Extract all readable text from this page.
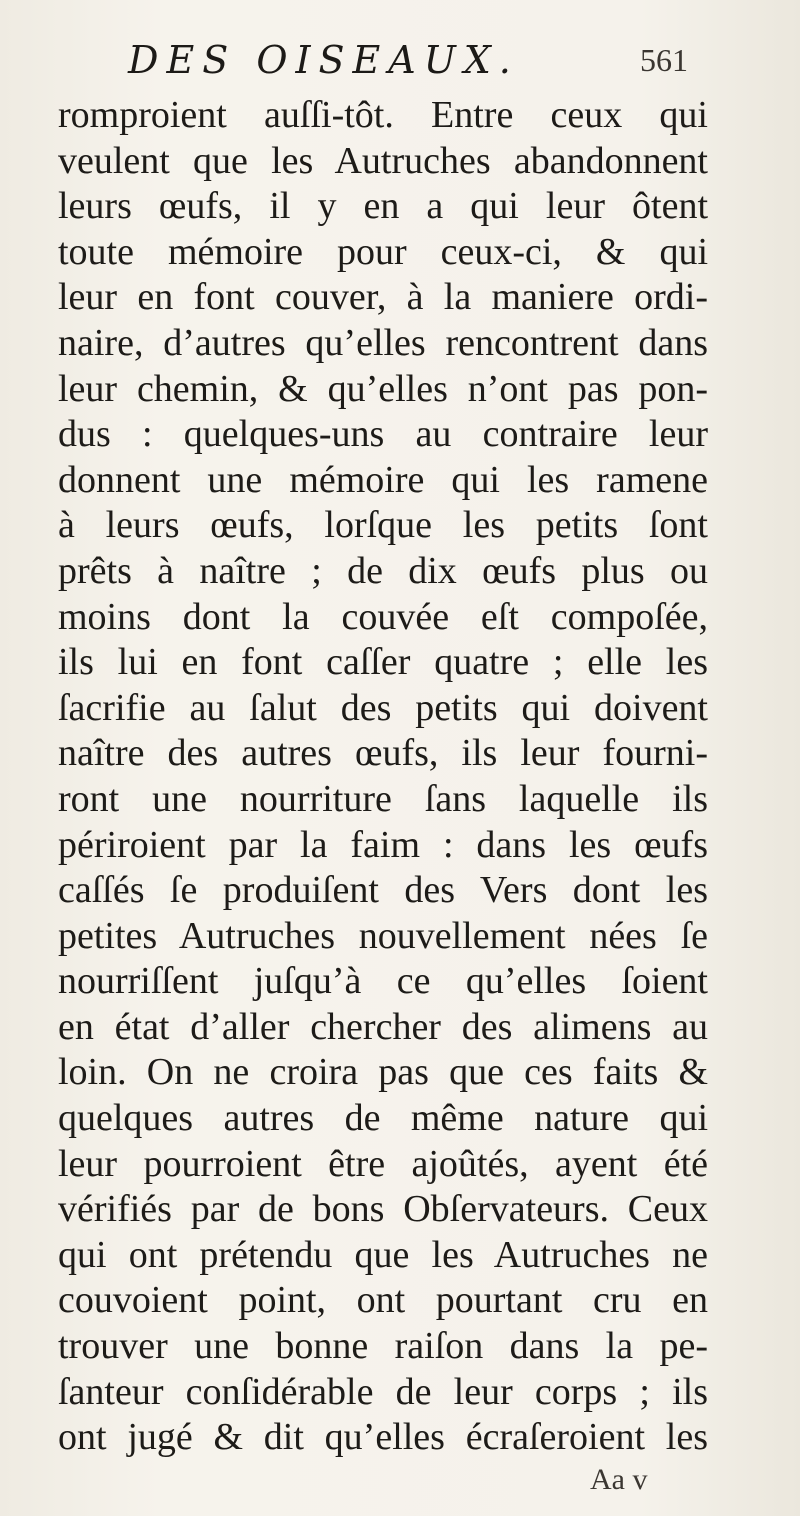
DES OISEAUX.	561
romproient auſſi-tôt. Entre ceux qui
veulent que les Autruches abandonnent
leurs œufs, il y en a qui leur ôtent
toute mémoire pour ceux-ci, & qui
leur en font couver, à la maniere ordi-
naire, d’autres qu’elles rencontrent dans
leur chemin, & qu’elles n’ont pas pon-
dus : quelques-uns au contraire leur
donnent une mémoire qui les ramene
à leurs œufs, lorſque les petits ſont
prêts à naître ; de dix œufs plus ou
moins dont la couvée eſt compoſée,
ils lui en font caſſer quatre ; elle les
ſacrifie au ſalut des petits qui doivent
naître des autres œufs, ils leur fourni-
ront une nourriture ſans laquelle ils
périroient par la faim : dans les œufs
caſſés ſe produiſent des Vers dont les
petites Autruches nouvellement nées ſe
nourriſſent juſqu’à ce qu’elles ſoient
en état d’aller chercher des alimens au
loin. On ne croira pas que ces faits &
quelques autres de même nature qui
leur pourroient être ajoûtés, ayent été
vérifiés par de bons Obſervateurs. Ceux
qui ont prétendu que les Autruches ne
couvoient point, ont pourtant cru en
trouver une bonne raiſon dans la pe-
ſanteur conſidérable de leur corps ; ils
ont jugé & dit qu’elles écraſeroient les
Aa v
